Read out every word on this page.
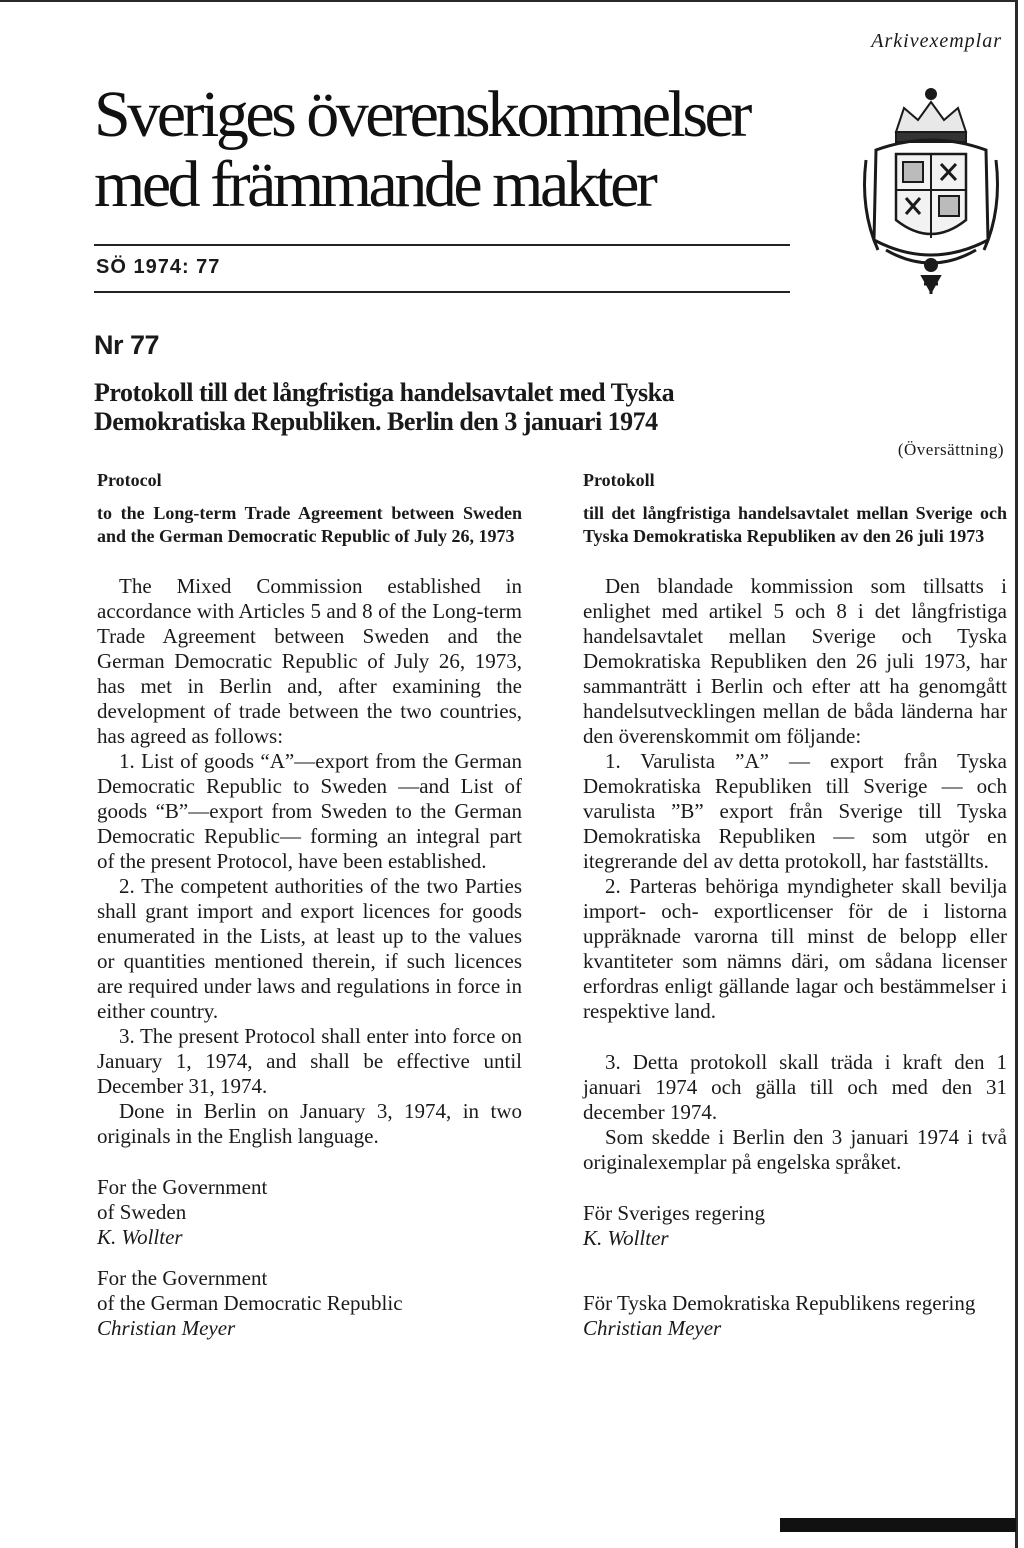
Arkivexemplar
Sveriges överenskommelser
med främmande makter
SÖ 1974: 77
Nr 77
Protokoll till det långfristiga handelsavtalet med Tyska
Demokratiska Republiken. Berlin den 3 januari 1974
(Översättning)

Protocol

to the Long-term Trade Agreement between Sweden and the German Democratic Republic of July 26, 1973

The Mixed Commission established in accordance with Articles 5 and 8 of the Long-term Trade Agreement between Sweden and the German Democratic Republic of July 26, 1973, has met in Berlin and, after examining the development of trade between the two countries, has agreed as follows:

1. List of goods “A”—export from the German Democratic Republic to Sweden —and List of goods “B”—export from Sweden to the German Democratic Republic— forming an integral part of the present Protocol, have been established.

2. The competent authorities of the two Parties shall grant import and export licences for goods enumerated in the Lists, at least up to the values or quantities mentioned therein, if such licences are required under laws and regulations in force in either country.

3. The present Protocol shall enter into force on January 1, 1974, and shall be effective until December 31, 1974.

Done in Berlin on January 3, 1974, in two originals in the English language.

For the Government

of Sweden

K. Wollter

For the Government

of the German Democratic Republic

Christian Meyer

Protokoll

till det långfristiga handelsavtalet mellan Sverige och Tyska Demokratiska Republiken av den 26 juli 1973

Den blandade kommission som tillsatts i enlighet med artikel 5 och 8 i det långfristiga handelsavtalet mellan Sverige och Tyska Demokratiska Republiken den 26 juli 1973, har sammanträtt i Berlin och efter att ha genomgått handelsutvecklingen mellan de båda länderna har den överenskommit om följande:

1. Varulista ”A” — export från Tyska Demokratiska Republiken till Sverige — och varulista ”B” export från Sverige till Tyska Demokratiska Republiken — som utgör en itegrerande del av detta protokoll, har fastställts.

2. Parteras behöriga myndigheter skall bevilja import- och- exportlicenser för de i listorna uppräknade varorna till minst de belopp eller kvantiteter som nämns däri, om sådana licenser erfordras enligt gällande lagar och bestämmelser i respektive land.

3. Detta protokoll skall träda i kraft den 1 januari 1974 och gälla till och med den 31 december 1974.

Som skedde i Berlin den 3 januari 1974 i två originalexemplar på engelska språket.

För Sveriges regering

K. Wollter

För Tyska Demokratiska Republikens regering

Christian Meyer
